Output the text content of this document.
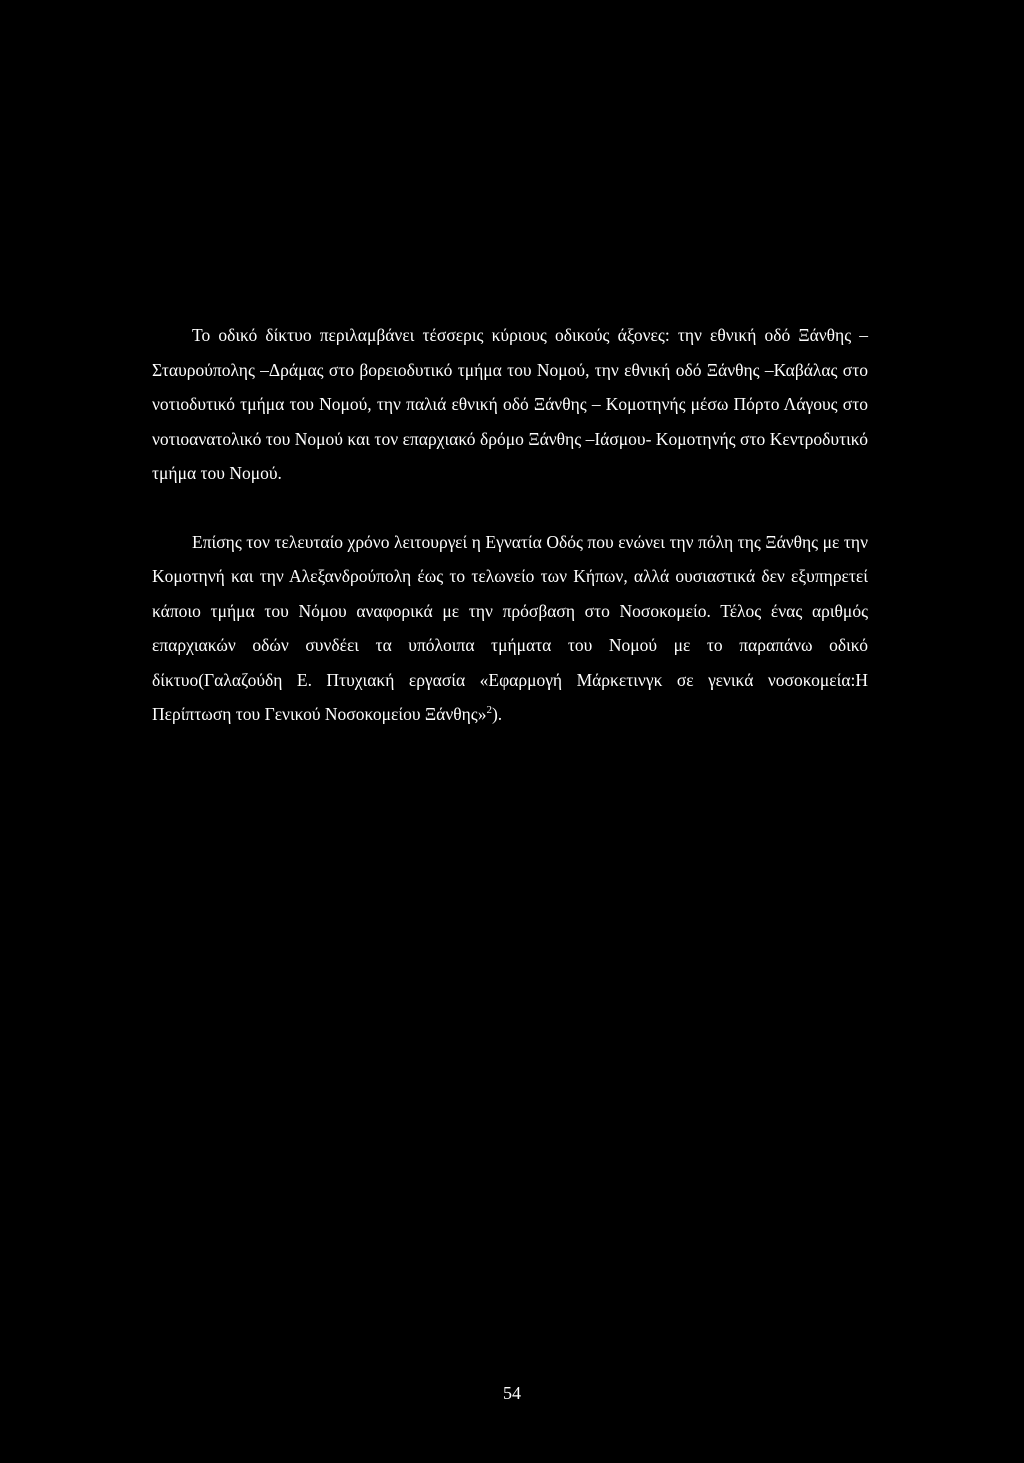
Το οδικό δίκτυο περιλαμβάνει τέσσερις κύριους οδικούς άξονες: την εθνική οδό Ξάνθης – Σταυρούπολης –Δράμας στο βορειοδυτικό τμήμα του Νομού, την εθνική οδό Ξάνθης –Καβάλας στο νοτιοδυτικό τμήμα του Νομού, την παλιά εθνική οδό Ξάνθης – Κομοτηνής μέσω Πόρτο Λάγους στο νοτιοανατολικό του Νομού και τον επαρχιακό δρόμο Ξάνθης –Ιάσμου- Κομοτηνής στο Κεντροδυτικό τμήμα του Νομού.

Επίσης τον τελευταίο χρόνο λειτουργεί η Εγνατία Οδός που ενώνει την πόλη της Ξάνθης με την Κομοτηνή και την Αλεξανδρούπολη έως το τελωνείο των Κήπων, αλλά ουσιαστικά δεν εξυπηρετεί κάποιο τμήμα του Νόμου αναφορικά με την πρόσβαση στο Νοσοκομείο. Τέλος ένας αριθμός επαρχιακών οδών συνδέει τα υπόλοιπα τμήματα του Νομού με το παραπάνω οδικό δίκτυο(Γαλαζούδη Ε. Πτυχιακή εργασία «Εφαρμογή Μάρκετινγκ σε γενικά νοσοκομεία:Η Περίπτωση του Γενικού Νοσοκομείου Ξάνθης»$^2$).

54
